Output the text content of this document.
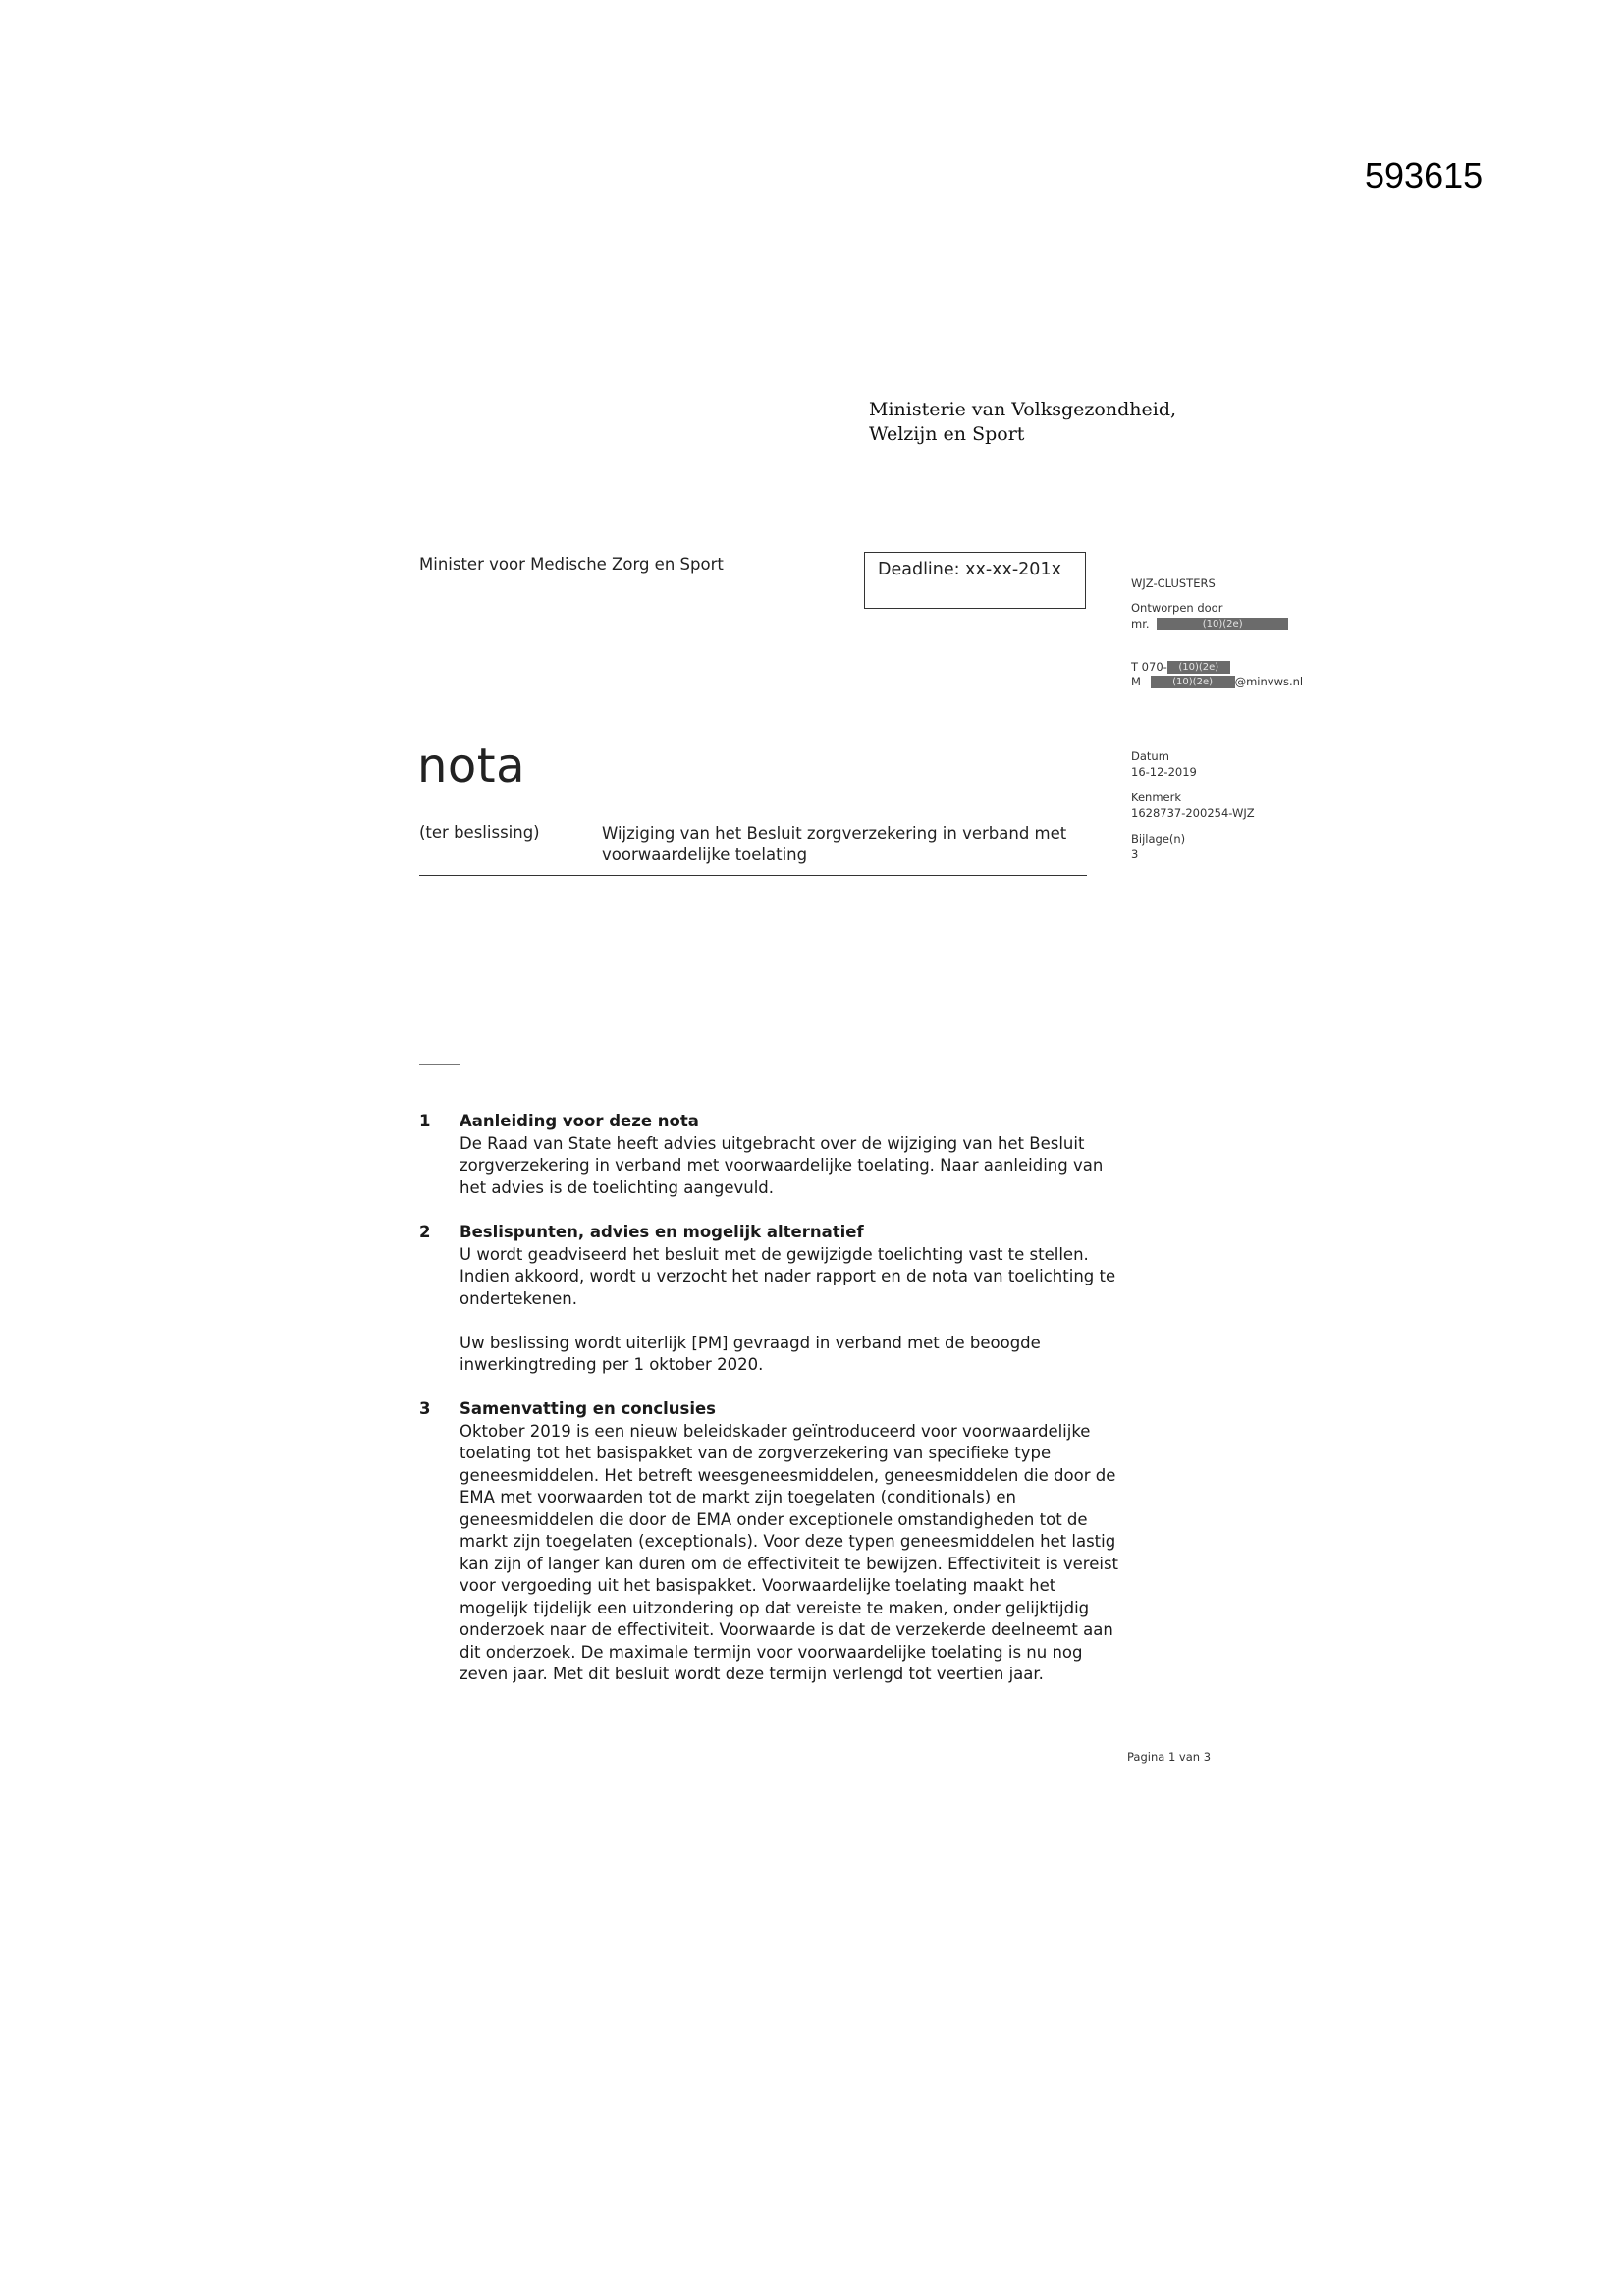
593615
Ministerie van Volksgezondheid,
Welzijn en Sport
Minister voor Medische Zorg en Sport	Deadline: xx-xx-201x
WJZ-CLUSTERS
Ontworpen door
mr.	(10)(2e)
T 070- (10)(2e)
M	(10)(2e) @minvws.nl
Datum
16-12-2019
Kenmerk
1628737-200254-WJZ
Bijlage(n)
3
nota
(ter beslissing)	Wijziging van het Besluit zorgverzekering in verband met voorwaardelijke toelating
1 Aanleiding voor deze nota

De Raad van State heeft advies uitgebracht over de wijziging van het Besluit zorgverzekering in verband met voorwaardelijke toelating. Naar aanleiding van het advies is de toelichting aangevuld.

2 Beslispunten, advies en mogelijk alternatief

U wordt geadviseerd het besluit met de gewijzigde toelichting vast te stellen. Indien akkoord, wordt u verzocht het nader rapport en de nota van toelichting te ondertekenen.

Uw beslissing wordt uiterlijk [PM] gevraagd in verband met de beoogde inwerkingtreding per 1 oktober 2020.

3 Samenvatting en conclusies

Oktober 2019 is een nieuw beleidskader geïntroduceerd voor voorwaardelijke toelating tot het basispakket van de zorgverzekering van specifieke type geneesmiddelen. Het betreft weesgeneesmiddelen, geneesmiddelen die door de EMA met voorwaarden tot de markt zijn toegelaten (conditionals) en geneesmiddelen die door de EMA onder exceptionele omstandigheden tot de markt zijn toegelaten (exceptionals). Voor deze typen geneesmiddelen het lastig kan zijn of langer kan duren om de effectiviteit te bewijzen. Effectiviteit is vereist voor vergoeding uit het basispakket. Voorwaardelijke toelating maakt het mogelijk tijdelijk een uitzondering op dat vereiste te maken, onder gelijktijdig onderzoek naar de effectiviteit. Voorwaarde is dat de verzekerde deelneemt aan dit onderzoek. De maximale termijn voor voorwaardelijke toelating is nu nog zeven jaar. Met dit besluit wordt deze termijn verlengd tot veertien jaar.

Pagina 1 van 3
